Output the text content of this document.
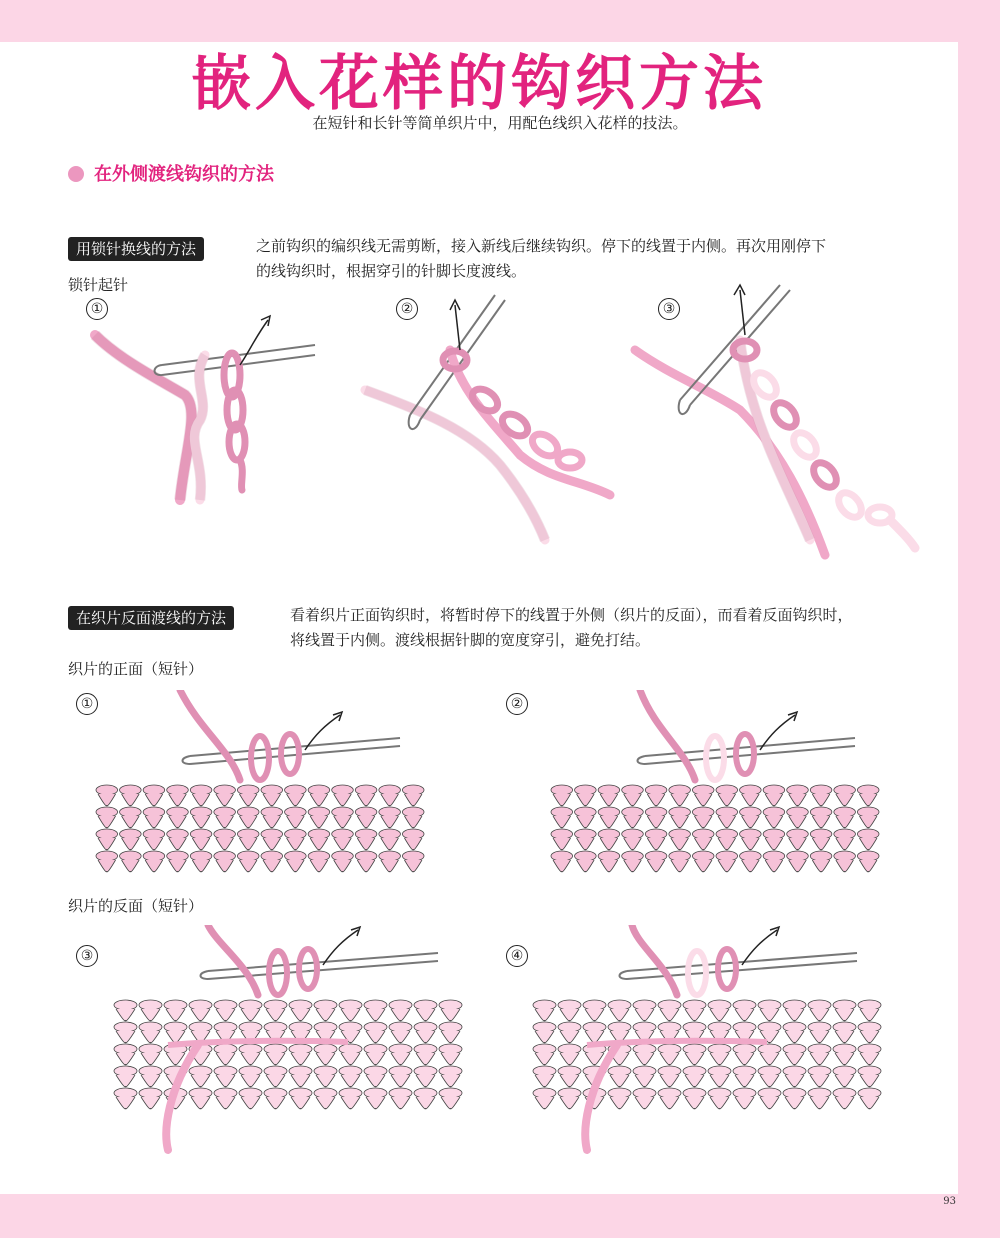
嵌入花样的钩织方法
在短针和长针等简单织片中，用配色线织入花样的技法。
在外侧渡线钩织的方法
用锁针换线的方法	之前钩织的编织线无需剪断，接入新线后继续钩织。停下的线置于内侧。再次用刚停下
的线钩织时，根据穿引的针脚长度渡线。
锁针起针
①	②	③
在织片反面渡线的方法	看着织片正面钩织时，将暂时停下的线置于外侧（织片的反面），而看着反面钩织时，
将线置于内侧。渡线根据针脚的宽度穿引，避免打结。
织片的正面（短针）
织片的反面（短针）
①	②
③	④
93
